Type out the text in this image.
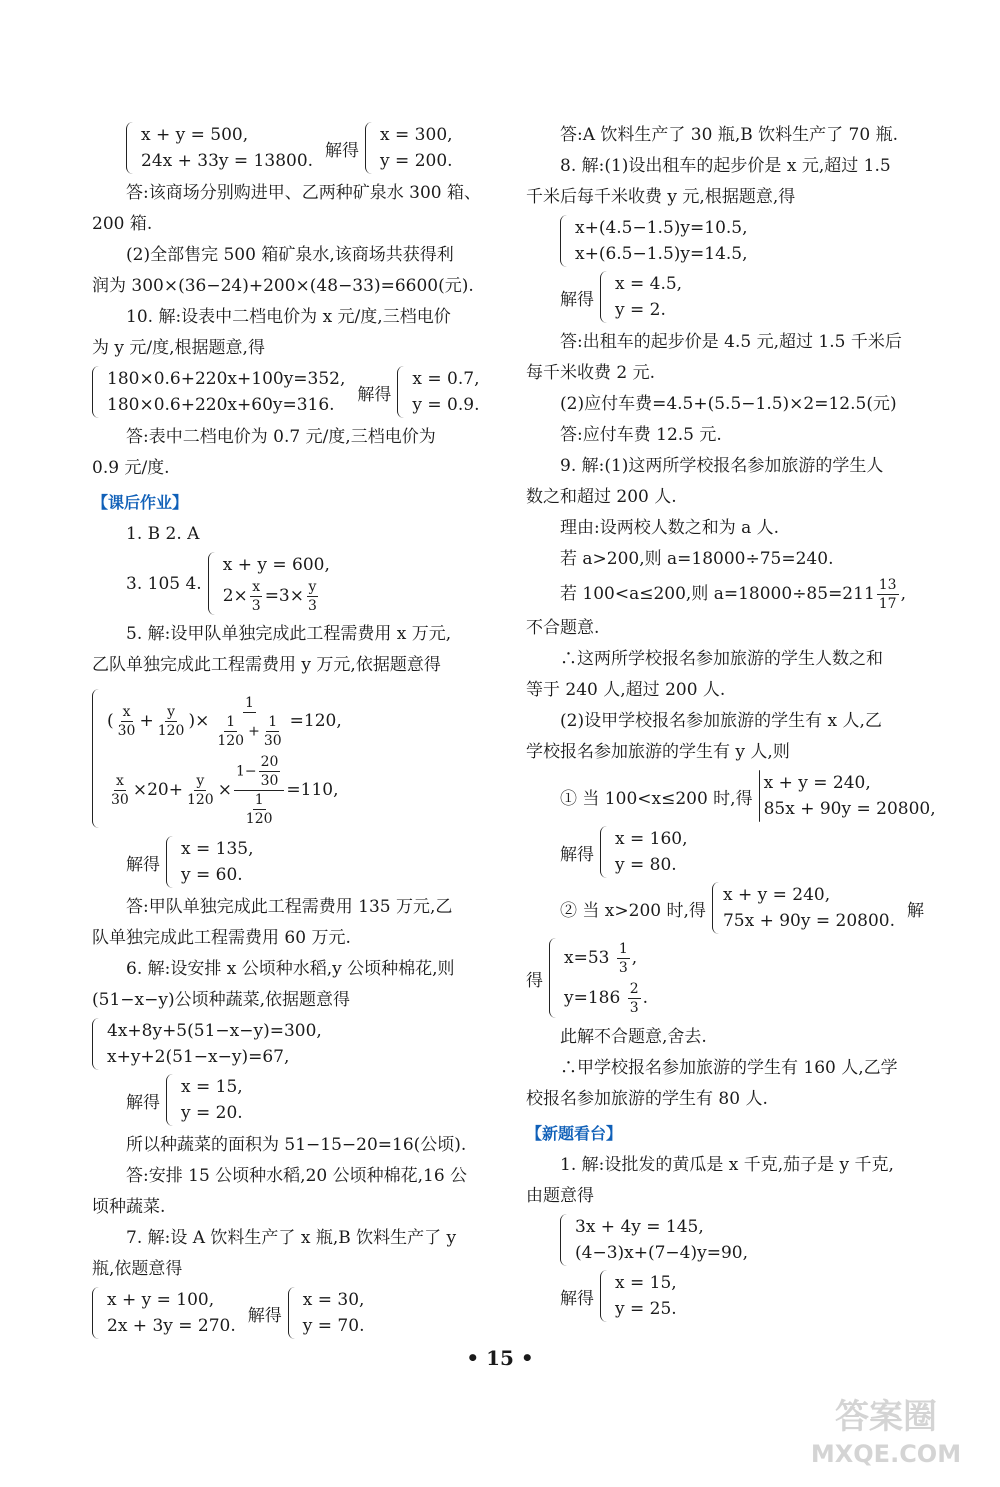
x + y = 500,
24x + 33y = 13800.
解得
x = 300,
y = 200.
答:该商场分别购进甲、乙两种矿泉水 300 箱、
200 箱.
(2)全部售完 500 箱矿泉水,该商场共获得利
润为 300×(36−24)+200×(48−33)=6600(元).
10. 解:设表中二档电价为 x 元/度,三档电价
为 y 元/度,根据题意,得
180×0.6+220x+100y=352,
180×0.6+220x+60y=316.
解得
x = 0.7,
y = 0.9.
答:表中二档电价为 0.7 元/度,三档电价为
0.9 元/度.
【课后作业】
1. B 2. A
3. 105 4.
x + y = 600,
$2\times \frac{x}{3} =3\times \frac{y}{3}$
5. 解:设甲队单独完成此工程需费用 x 万元,
乙队单独完成此工程需费用 y 万元,依据题意得
( $\frac{x}{30} + \frac{y}{120}$ )× $\frac{1}{\frac{1}{120} + \frac{1}{30}} =120$,
$\frac{x}{30} \times 20+ \frac{y}{120} \times \frac{1- \frac{20}{30}}{\frac{1}{120}} =110$,
解得
x = 135,
y = 60.
答:甲队单独完成此工程需费用 135 万元,乙
队单独完成此工程需费用 60 万元.
6. 解:设安排 x 公顷种水稻,y 公顷种棉花,则
(51−x−y)公顷种蔬菜,依据题意得
4x+8y+5(51−x−y)=300,
x+y+2(51−x−y)=67,
解得
x = 15,
y = 20.
所以种蔬菜的面积为 51−15−20=16(公顷).
答:安排 15 公顷种水稻,20 公顷种棉花,16 公
顷种蔬菜.
7. 解:设 A 饮料生产了 x 瓶,B 饮料生产了 y
瓶,依题意得
x + y = 100,
2x + 3y = 270.
解得
x = 30,
y = 70.
答:A 饮料生产了 30 瓶,B 饮料生产了 70 瓶.
8. 解:(1)设出租车的起步价是 x 元,超过 1.5
千米后每千米收费 y 元,根据题意,得
x+(4.5−1.5)y=10.5,
x+(6.5−1.5)y=14.5,
解得
x = 4.5,
y = 2.
答:出租车的起步价是 4.5 元,超过 1.5 千米后
每千米收费 2 元.
(2)应付车费=4.5+(5.5−1.5)×2=12.5(元)
答:应付车费 12.5 元.
9. 解:(1)这两所学校报名参加旅游的学生人
数之和超过 200 人.
理由:设两校人数之和为 a 人.
若 a>200,则 a=18000÷75=240.
若 100<a≤200,则 $a=18000\div 85=211 \frac{13}{17}$ ,
不合题意.
∴这两所学校报名参加旅游的学生人数之和
等于 240 人,超过 200 人.
(2)设甲学校报名参加旅游的学生有 x 人,乙
学校报名参加旅游的学生有 y 人,则
① 当 100<x≤200 时,得
x + y = 240,
85x + 90y = 20800,
解得
x = 160,
y = 80.
② 当 x>200 时,得
x + y = 240,
75x + 90y = 20800.
解
得
$x=53 \frac{1}{3}$ ,
$y=186 \frac{2}{3}$ .
此解不合题意,舍去.
∴甲学校报名参加旅游的学生有 160 人,乙学
校报名参加旅游的学生有 80 人.
【新题看台】
1. 解:设批发的黄瓜是 x 千克,茄子是 y 千克,
由题意得
3x + 4y = 145,
(4−3)x+(7−4)y=90,
解得
x = 15,
y = 25.
• 15 •
答案圈
MXQE.COM
